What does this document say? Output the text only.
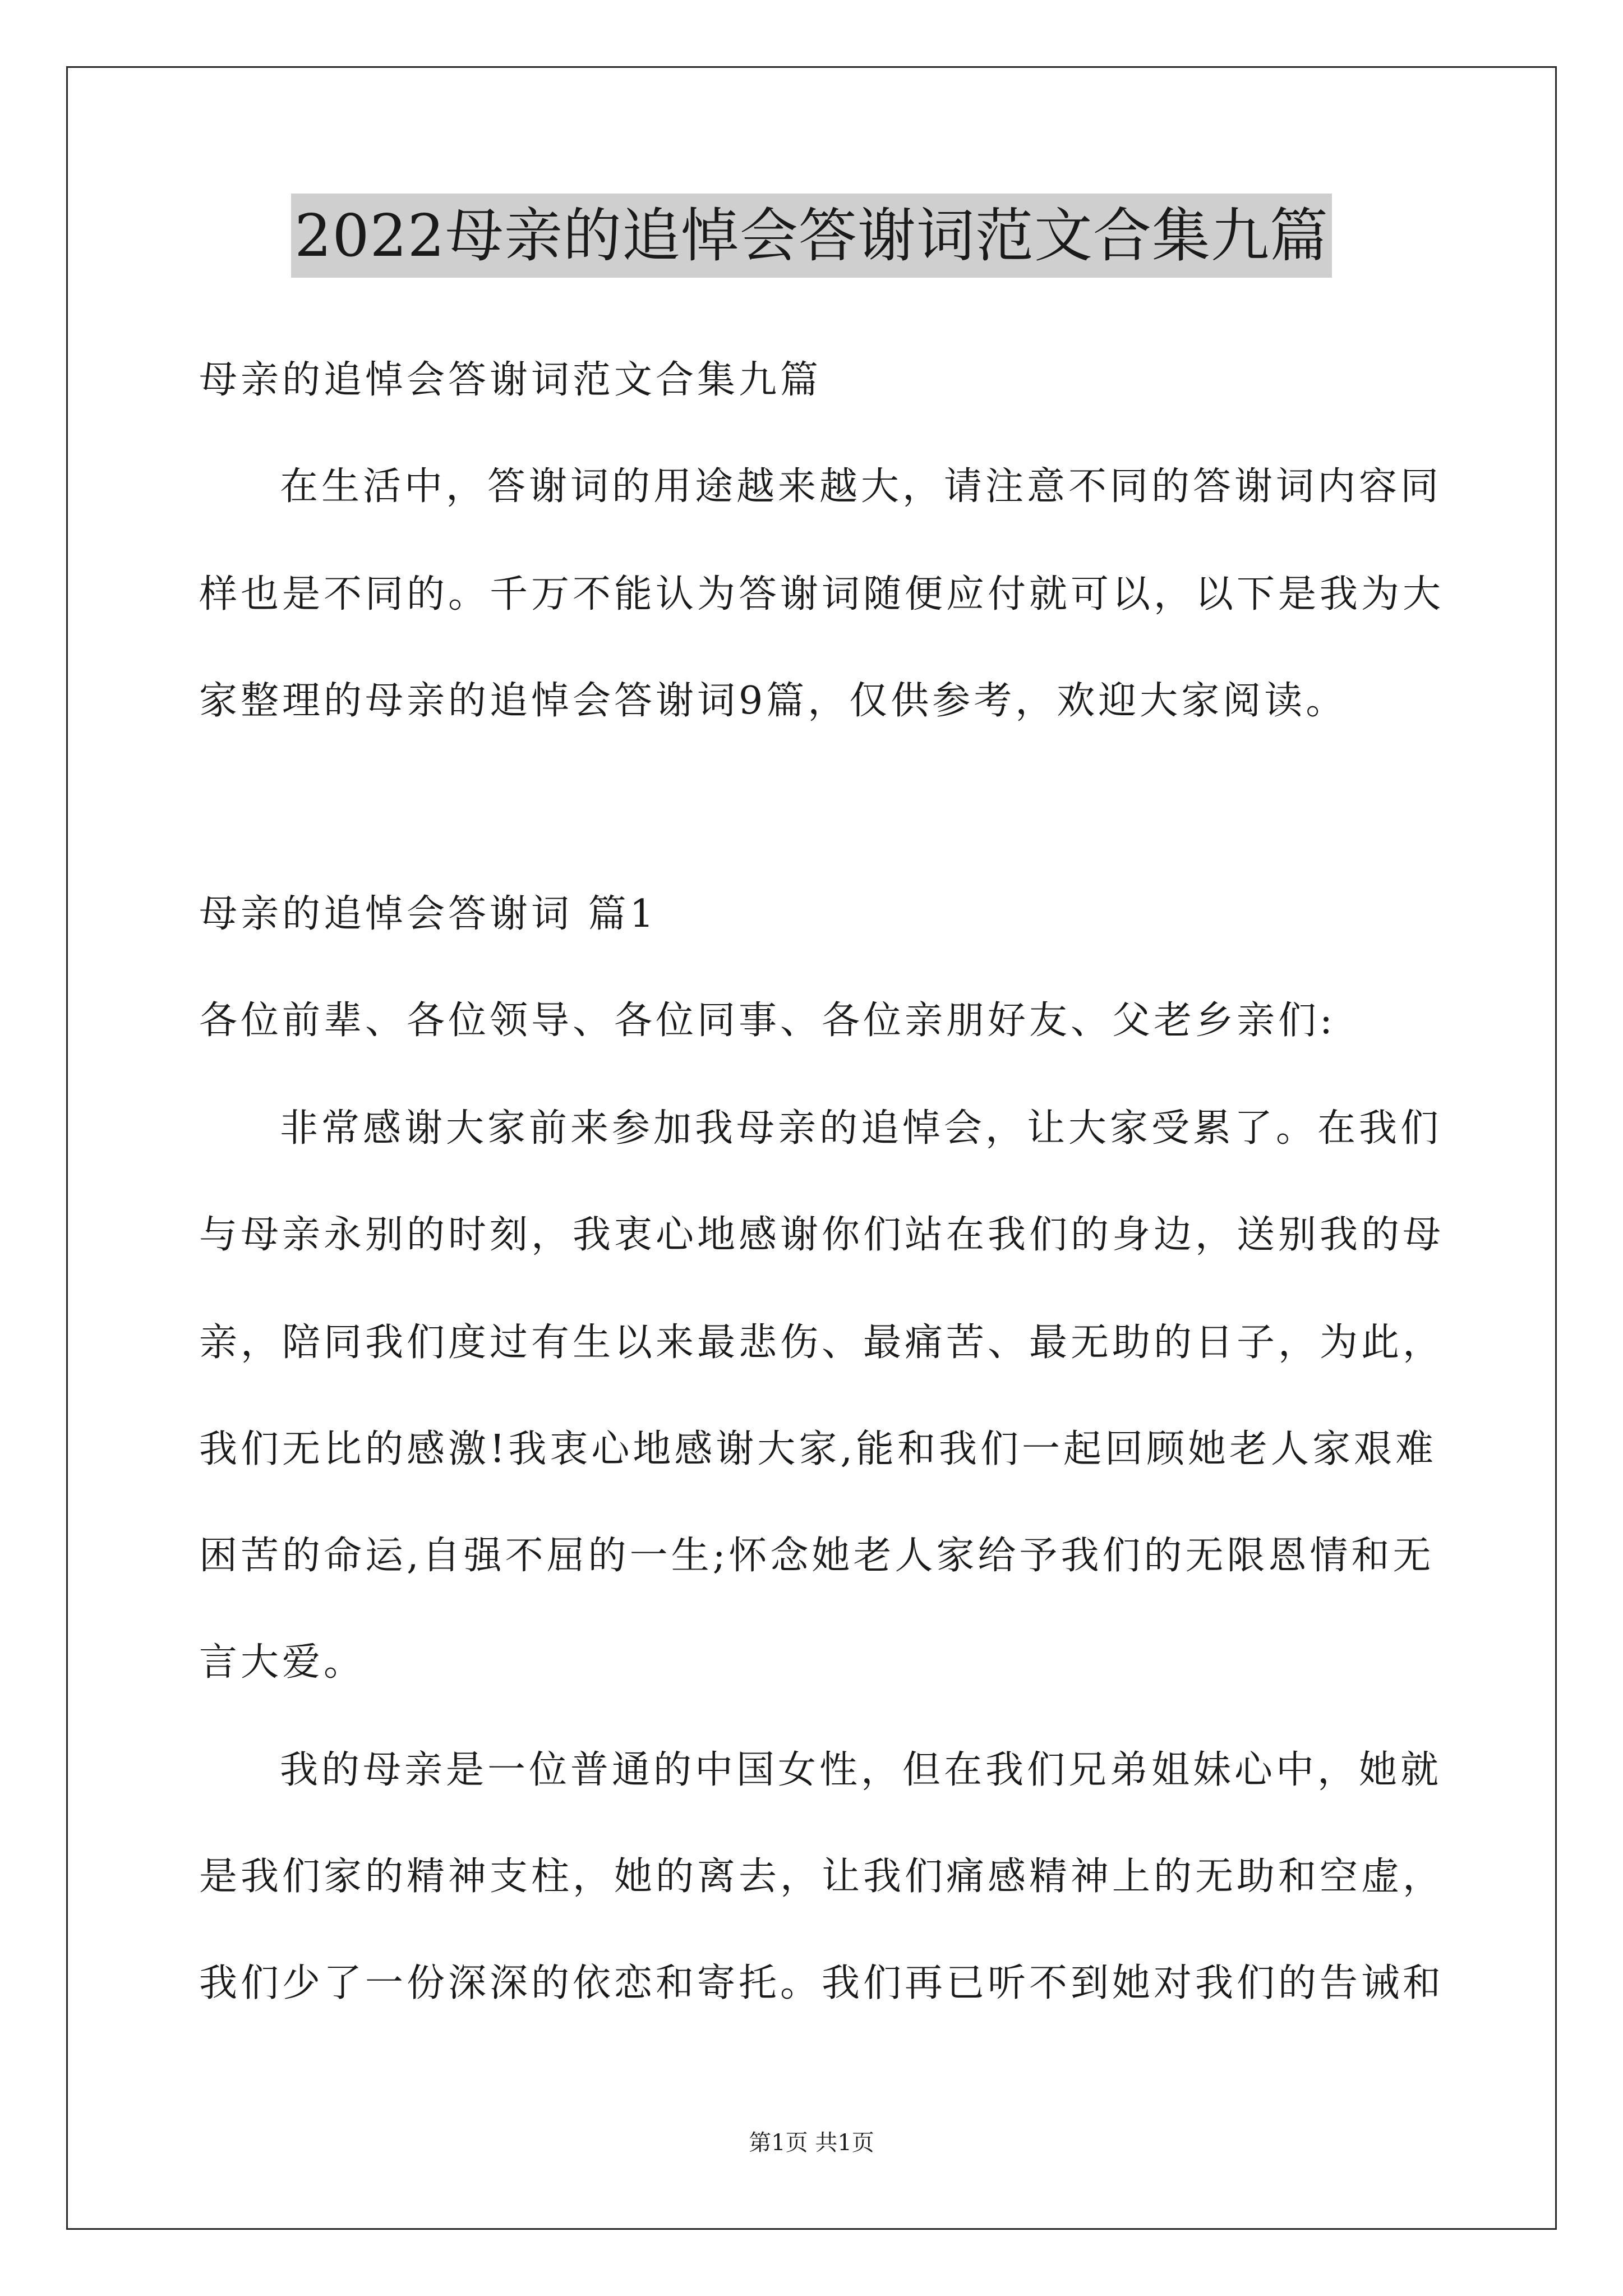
2022母亲的追悼会答谢词范文合集九篇
母亲的追悼会答谢词范文合集九篇
在生活中，答谢词的用途越来越大，请注意不同的答谢词内容同
样也是不同的。千万不能认为答谢词随便应付就可以，以下是我为大
家整理的母亲的追悼会答谢词9篇，仅供参考，欢迎大家阅读。
母亲的追悼会答谢词 篇1
各位前辈、各位领导、各位同事、各位亲朋好友、父老乡亲们:
非常感谢大家前来参加我母亲的追悼会，让大家受累了。在我们
与母亲永别的时刻，我衷心地感谢你们站在我们的身边，送别我的母
亲，陪同我们度过有生以来最悲伤、最痛苦、最无助的日子，为此，
我们无比的感激!我衷心地感谢大家,能和我们一起回顾她老人家艰难
困苦的命运,自强不屈的一生;怀念她老人家给予我们的无限恩情和无
言大爱。
我的母亲是一位普通的中国女性，但在我们兄弟姐妹心中，她就
是我们家的精神支柱，她的离去，让我们痛感精神上的无助和空虚，
我们少了一份深深的依恋和寄托。我们再已听不到她对我们的告诫和
第1页 共1页
